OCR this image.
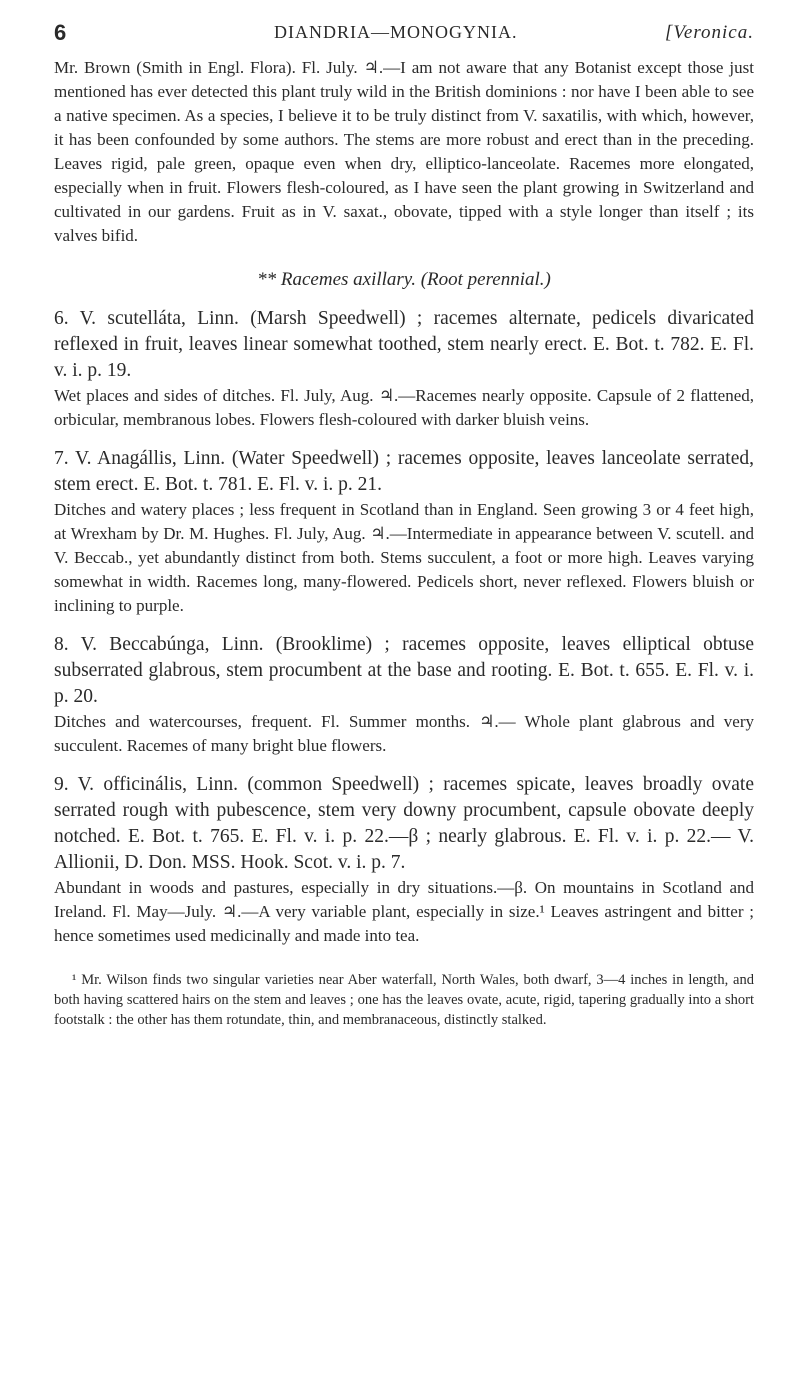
6	DIANDRIA—MONOGYNIA.	[Veronica.

Mr. Brown (Smith in Engl. Flora). Fl. July. ♃.—I am not aware that any Botanist except those just mentioned has ever detected this plant truly wild in the British dominions : nor have I been able to see a native specimen. As a species, I believe it to be truly distinct from V. saxatilis, with which, however, it has been confounded by some authors. The stems are more robust and erect than in the preceding. Leaves rigid, pale green, opaque even when dry, elliptico-lanceolate. Racemes more elongated, especially when in fruit. Flowers flesh-coloured, as I have seen the plant growing in Switzerland and cultivated in our gardens. Fruit as in V. saxat., obovate, tipped with a style longer than itself ; its valves bifid.

** Racemes axillary. (Root perennial.)

6. V. scutelláta, Linn. (Marsh Speedwell) ; racemes alternate, pedicels divaricated reflexed in fruit, leaves linear somewhat toothed, stem nearly erect. E. Bot. t. 782. E. Fl. v. i. p. 19.

Wet places and sides of ditches. Fl. July, Aug. ♃.—Racemes nearly opposite. Capsule of 2 flattened, orbicular, membranous lobes. Flowers flesh-coloured with darker bluish veins.

7. V. Anagállis, Linn. (Water Speedwell) ; racemes opposite, leaves lanceolate serrated, stem erect. E. Bot. t. 781. E. Fl. v. i. p. 21.

Ditches and watery places ; less frequent in Scotland than in England. Seen growing 3 or 4 feet high, at Wrexham by Dr. M. Hughes. Fl. July, Aug. ♃.—Intermediate in appearance between V. scutell. and V. Beccab., yet abundantly distinct from both. Stems succulent, a foot or more high. Leaves varying somewhat in width. Racemes long, many-flowered. Pedicels short, never reflexed. Flowers bluish or inclining to purple.

8. V. Beccabúnga, Linn. (Brooklime) ; racemes opposite, leaves elliptical obtuse subserrated glabrous, stem procumbent at the base and rooting. E. Bot. t. 655. E. Fl. v. i. p. 20.

Ditches and watercourses, frequent. Fl. Summer months. ♃.— Whole plant glabrous and very succulent. Racemes of many bright blue flowers.

9. V. officinális, Linn. (common Speedwell) ; racemes spicate, leaves broadly ovate serrated rough with pubescence, stem very downy procumbent, capsule obovate deeply notched. E. Bot. t. 765. E. Fl. v. i. p. 22.—β ; nearly glabrous. E. Fl. v. i. p. 22.— V. Allionii, D. Don. MSS. Hook. Scot. v. i. p. 7.

Abundant in woods and pastures, especially in dry situations.—β. On mountains in Scotland and Ireland. Fl. May—July. ♃.—A very variable plant, especially in size.¹ Leaves astringent and bitter ; hence sometimes used medicinally and made into tea.

¹ Mr. Wilson finds two singular varieties near Aber waterfall, North Wales, both dwarf, 3—4 inches in length, and both having scattered hairs on the stem and leaves ; one has the leaves ovate, acute, rigid, tapering gradually into a short footstalk : the other has them rotundate, thin, and membranaceous, distinctly stalked.
